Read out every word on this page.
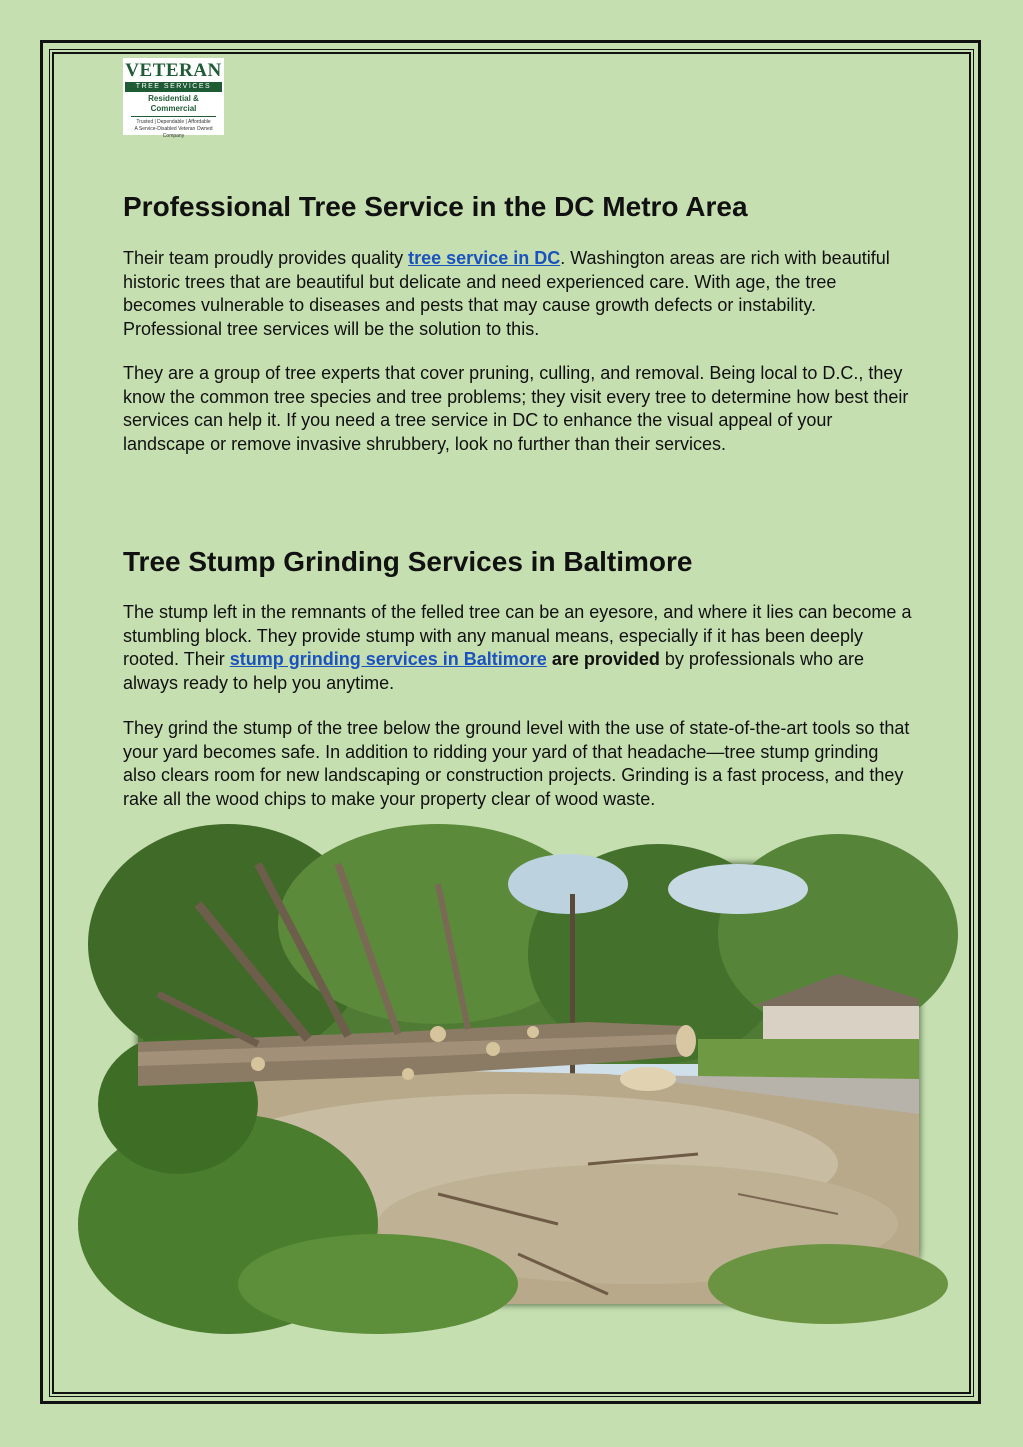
VETERAN
TREE SERVICES
Residential & Commercial
Trusted | Dependable | Affordable
A Service-Disabled Veteran Owned Company
Professional Tree Service in the DC Metro Area

Their team proudly provides quality tree service in DC. Washington areas are rich with beautiful historic trees that are beautiful but delicate and need experienced care. With age, the tree becomes vulnerable to diseases and pests that may cause growth defects or instability. Professional tree services will be the solution to this.

They are a group of tree experts that cover pruning, culling, and removal. Being local to D.C., they know the common tree species and tree problems; they visit every tree to determine how best their services can help it. If you need a tree service in DC to enhance the visual appeal of your landscape or remove invasive shrubbery, look no further than their services.

Tree Stump Grinding Services in Baltimore

The stump left in the remnants of the felled tree can be an eyesore, and where it lies can become a stumbling block. They provide stump with any manual means, especially if it has been deeply rooted. Their stump grinding services in Baltimore are provided by professionals who are always ready to help you anytime.

They grind the stump of the tree below the ground level with the use of state-of-the-art tools so that your yard becomes safe. In addition to ridding your yard of that headache—tree stump grinding also clears room for new landscaping or construction projects. Grinding is a fast process, and they rake all the wood chips to make your property clear of wood waste.
